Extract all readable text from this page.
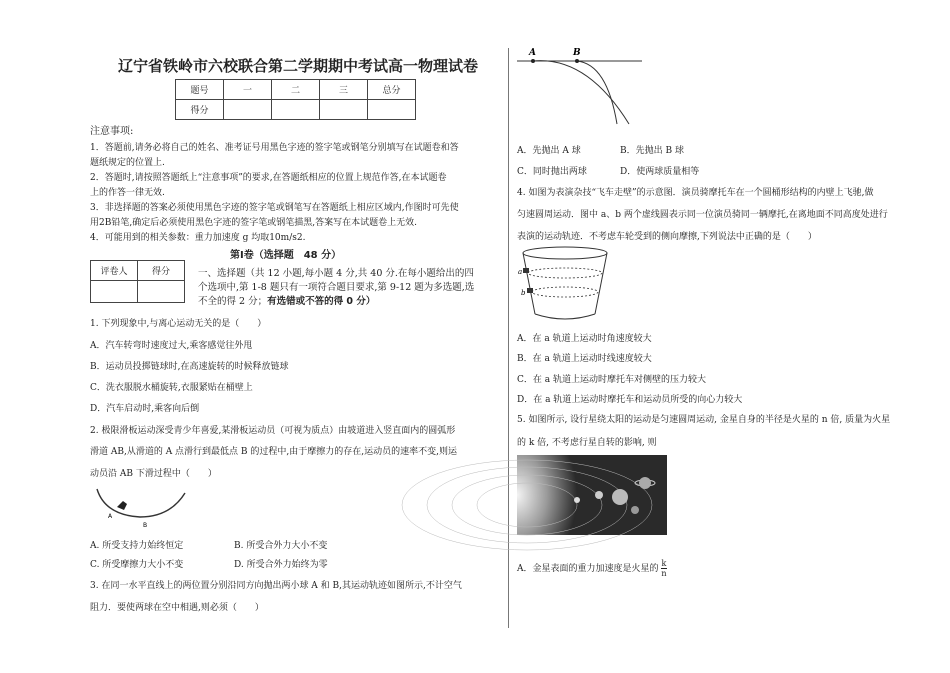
辽宁省铁岭市六校联合第二学期期中考试高一物理试卷
题号	一	二	三	总分
得分				
注意事项:
1．答题前,请务必将自己的姓名、准考证号用黑色字迹的签字笔或钢笔分别填写在试题卷和答
题纸规定的位置上.
2．答题时,请按照答题纸上“注意事项”的要求,在答题纸相应的位置上规范作答,在本试题卷
上的作答一律无效.
3．非选择题的答案必须使用黑色字迹的签字笔或钢笔写在答题纸上相应区域内,作图时可先使
用2B铅笔,确定后必须使用黑色字迹的签字笔或钢笔描黑,答案写在本试题卷上无效.
4．可能用到的相关参数：重力加速度 g 均取10m/s2.
第Ⅰ卷（选择题　48 分）
评卷人	得分
		一、选择题（共 12 小题,每小题 4 分,共 40 分.在每小题给出的四
个选项中,第 1-8 题只有一项符合题目要求,第 9-12 题为多选题,选
不全的得 2 分；有选错或不答的得 0 分）
1. 下列现象中,与离心运动无关的是（　　）
A．汽车转弯时速度过大,乘客感觉往外甩
B．运动员投掷链球时,在高速旋转的时候释放链球
C．洗衣服脱水桶旋转,衣服紧贴在桶壁上
D．汽车启动时,乘客向后倒
2. 极限滑板运动深受青少年喜爱,某滑板运动员（可视为质点）由坡道进入竖直面内的圆弧形
滑道 AB,从滑道的 A 点滑行到最低点 B 的过程中,由于摩擦力的存在,运动员的速率不变,则运
动员沿 AB 下滑过程中（　　）
A
B
A. 所受支持力始终恒定	B. 所受合外力大小不变
C. 所受摩擦力大小不变	D. 所受合外力始终为零
3. 在同一水平直线上的两位置分别沿同方向抛出两小球 A 和 B,其运动轨迹如图所示,不计空气
阻力．要使两球在空中相遇,则必须（　　）
A	B
A．先抛出 A 球	B．先抛出 B 球
C．同时抛出两球	D．使两球质量相等
4. 如图为表演杂技“飞车走壁”的示意图．演员骑摩托车在一个圆桶形结构的内壁上飞驰,做
匀速圆周运动．图中 a、b 两个虚线圆表示同一位演员骑同一辆摩托,在离地面不同高度处进行
表演的运动轨迹．不考虑车轮受到的侧向摩擦,下列说法中正确的是（　　）
a
b
A．在 a 轨道上运动时角速度较大
B．在 a 轨道上运动时线速度较大
C．在 a 轨道上运动时摩托车对侧壁的压力较大
D．在 a 轨道上运动时摩托车和运动员所受的向心力较大
5. 如图所示, 设行星绕太阳的运动是匀速圆周运动, 金星自身的半径是火星的 n 倍, 质量为火星
的 k 倍, 不考虑行星自转的影响, 则
A．金星表面的重力加速度是火星的 $\frac{k}{n}$
